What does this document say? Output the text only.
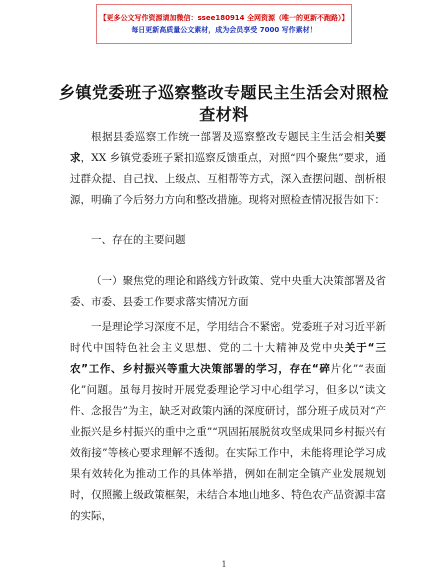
【更多公文写作资源请加微信：ssee180914 全网资源（唯一的更新不跑路）】
每日更新高质量公文素材，成为会员享受 7000 写作素材！
乡镇党委班子巡察整改专题民主生活会对照检
查材料

根据县委巡察工作统一部署及巡察整改专题民主生活会相关要求，XX 乡镇党委班子紧扣巡察反馈重点，对照“四个聚焦”要求，通过群众提、自己找、上级点、互相帮等方式，深入查摆问题、剖析根源，明确了今后努力方向和整改措施。现将对照检查情况报告如下：

一、存在的主要问题

（一）聚焦党的理论和路线方针政策、党中央重大决策部署及省委、市委、县委工作要求落实情况方面

一是理论学习深度不足，学用结合不紧密。党委班子对习近平新时代中国特色社会主义思想、党的二十大精神及党中央关于“三农”工作、乡村振兴等重大决策部署的学习，存在“碎片化”“表面化”问题。虽每月按时开展党委理论学习中心组学习，但多以“读文件、念报告”为主，缺乏对政策内涵的深度研讨，部分班子成员对“产业振兴是乡村振兴的重中之重”“巩固拓展脱贫攻坚成果同乡村振兴有效衔接”等核心要求理解不透彻。在实际工作中，未能将理论学习成果有效转化为推动工作的具体举措，例如在制定全镇产业发展规划时，仅照搬上级政策框架，未结合本地山地多、特色农产品资源丰富的实际，

1
